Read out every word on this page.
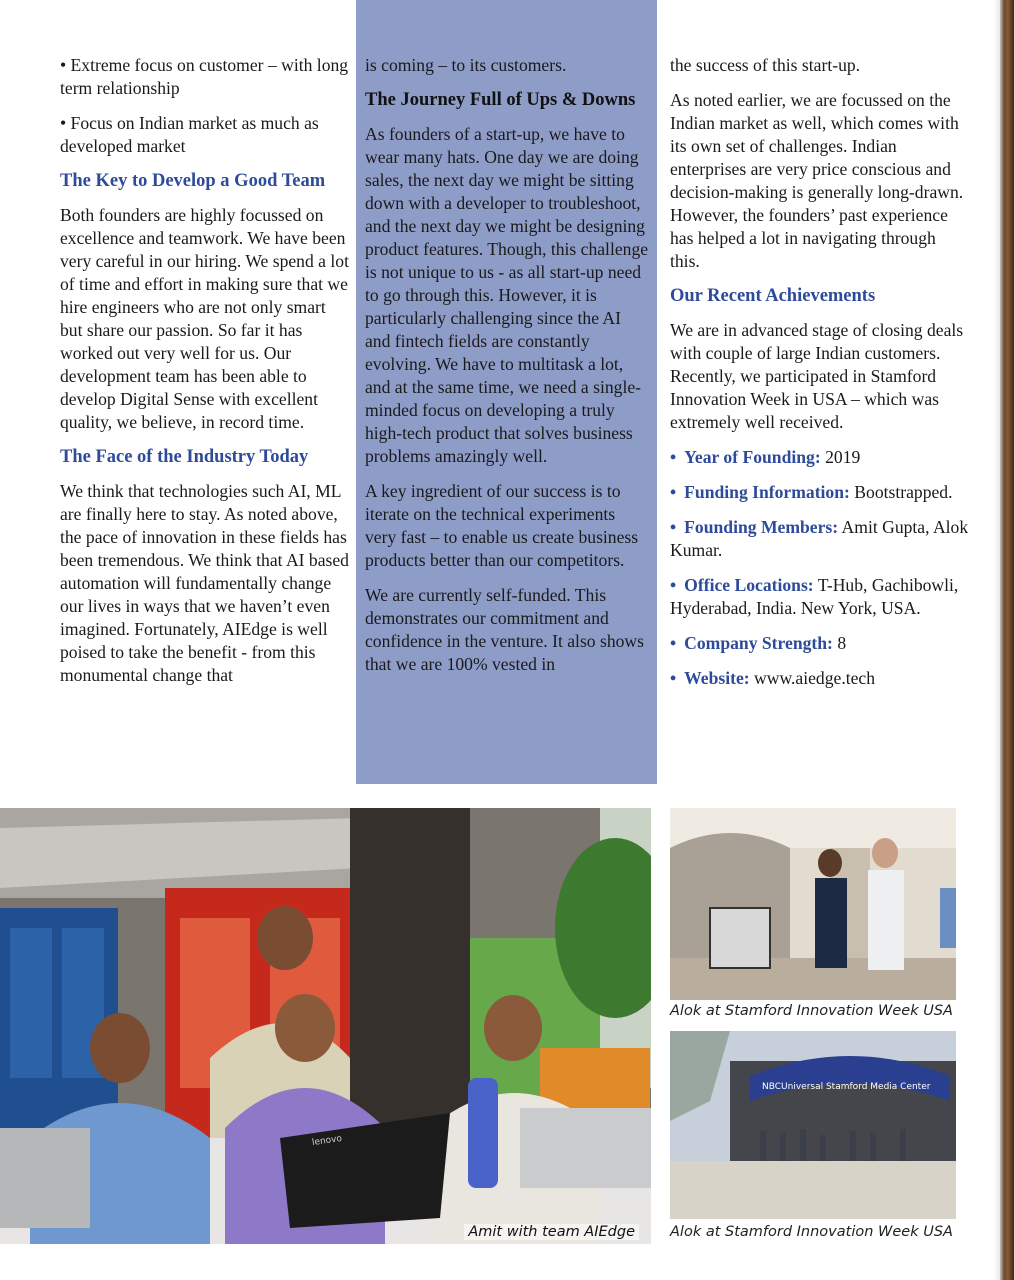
• Extreme focus on customer – with long term relationship

• Focus on Indian market as much as developed market

The Key to Develop a Good Team

Both founders are highly focussed on excellence and teamwork. We have been very careful in our hiring. We spend a lot of time and effort in making sure that we hire engineers who are not only smart but share our passion. So far it has worked out very well for us. Our development team has been able to develop Digital Sense with excellent quality, we believe, in record time.

The Face of the Industry Today

We think that technologies such AI, ML are finally here to stay. As noted above, the pace of innovation in these fields has been tremendous. We think that AI based automation will fundamentally change our lives in ways that we haven’t even imagined. Fortunately, AIEdge is well poised to take the benefit - from this monumental change that

is coming – to its customers.

The Journey Full of Ups & Downs

As founders of a start-up, we have to wear many hats. One day we are doing sales, the next day we might be sitting down with a developer to troubleshoot, and the next day we might be designing product features. Though, this challenge is not unique to us - as all start-up need to go through this. However, it is particularly challenging since the AI and fintech fields are constantly evolving. We have to multitask a lot, and at the same time, we need a single-minded focus on developing a truly high-tech product that solves business problems amazingly well.

A key ingredient of our success is to iterate on the technical experiments very fast – to enable us create business products better than our competitors.

We are currently self-funded. This demonstrates our commitment and confidence in the venture. It also shows that we are 100% vested in

the success of this start-up.

As noted earlier, we are focussed on the Indian market as well, which comes with its own set of challenges. Indian enterprises are very price conscious and decision-making is generally long-drawn. However, the founders’ past experience has helped a lot in navigating through this.

Our Recent Achievements

We are in advanced stage of closing deals with couple of large Indian customers. Recently, we participated in Stamford Innovation Week in USA – which was extremely well received.

• Year of Founding: 2019
• Funding Information: Bootstrapped.
• Founding Members: Amit Gupta, Alok Kumar.
• Office Locations: T-Hub, Gachibowli, Hyderabad, India. New York, USA.
• Company Strength: 8
• Website: www.aiedge.tech
Amit with team AIEdge
Alok at Stamford Innovation Week USA
NBCUniversal Stamford Media Center
Alok at Stamford Innovation Week USA
lenovo
